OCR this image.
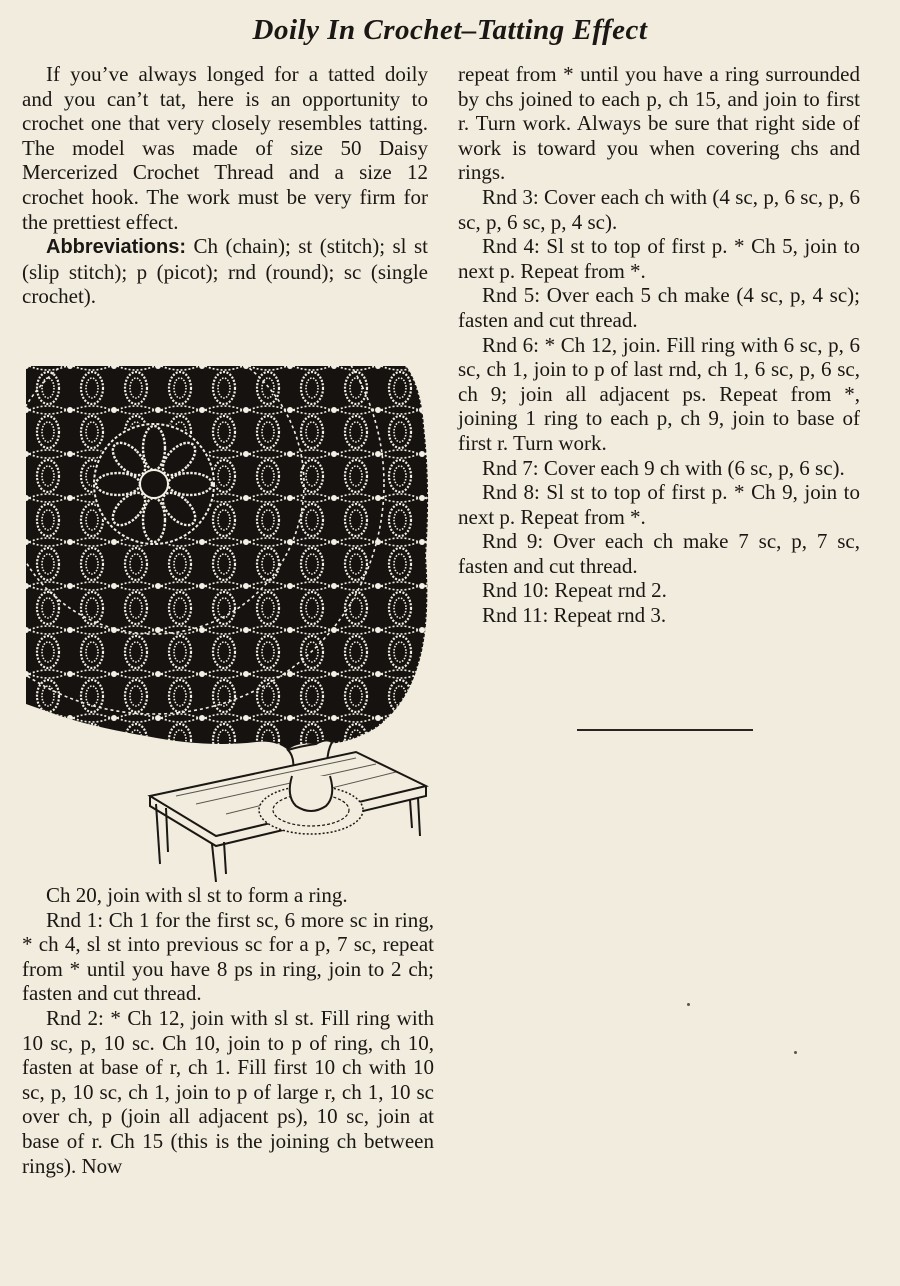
Doily In Crochet–Tatting Effect

If you’ve always longed for a tatted doily and you can’t tat, here is an opportunity to crochet one that very closely resembles tatting. The model was made of size 50 Daisy Mercerized Crochet Thread and a size 12 crochet hook. The work must be very firm for the prettiest effect.

Abbreviations: Ch (chain); st (stitch); sl st (slip stitch); p (picot); rnd (round); sc (single crochet).

Ch 20, join with sl st to form a ring.

Rnd 1: Ch 1 for the first sc, 6 more sc in ring, * ch 4, sl st into previous sc for a p, 7 sc, repeat from * until you have 8 ps in ring, join to 2 ch; fasten and cut thread.

Rnd 2: * Ch 12, join with sl st. Fill ring with 10 sc, p, 10 sc. Ch 10, join to p of ring, ch 10, fasten at base of r, ch 1. Fill first 10 ch with 10 sc, p, 10 sc, ch 1, join to p of large r, ch 1, 10 sc over ch, p (join all adjacent ps), 10 sc, join at base of r. Ch 15 (this is the joining ch between rings). Now

repeat from * until you have a ring surrounded by chs joined to each p, ch 15, and join to first r. Turn work. Always be sure that right side of work is toward you when covering chs and rings.

Rnd 3: Cover each ch with (4 sc, p, 6 sc, p, 6 sc, p, 6 sc, p, 4 sc).

Rnd 4: Sl st to top of first p. * Ch 5, join to next p. Repeat from *.

Rnd 5: Over each 5 ch make (4 sc, p, 4 sc); fasten and cut thread.

Rnd 6: * Ch 12, join. Fill ring with 6 sc, p, 6 sc, ch 1, join to p of last rnd, ch 1, 6 sc, p, 6 sc, ch 9; join all adjacent ps. Repeat from *, joining 1 ring to each p, ch 9, join to base of first r. Turn work.

Rnd 7: Cover each 9 ch with (6 sc, p, 6 sc).

Rnd 8: Sl st to top of first p. * Ch 9, join to next p. Repeat from *.

Rnd 9: Over each ch make 7 sc, p, 7 sc, fasten and cut thread.

Rnd 10: Repeat rnd 2.

Rnd 11: Repeat rnd 3.
